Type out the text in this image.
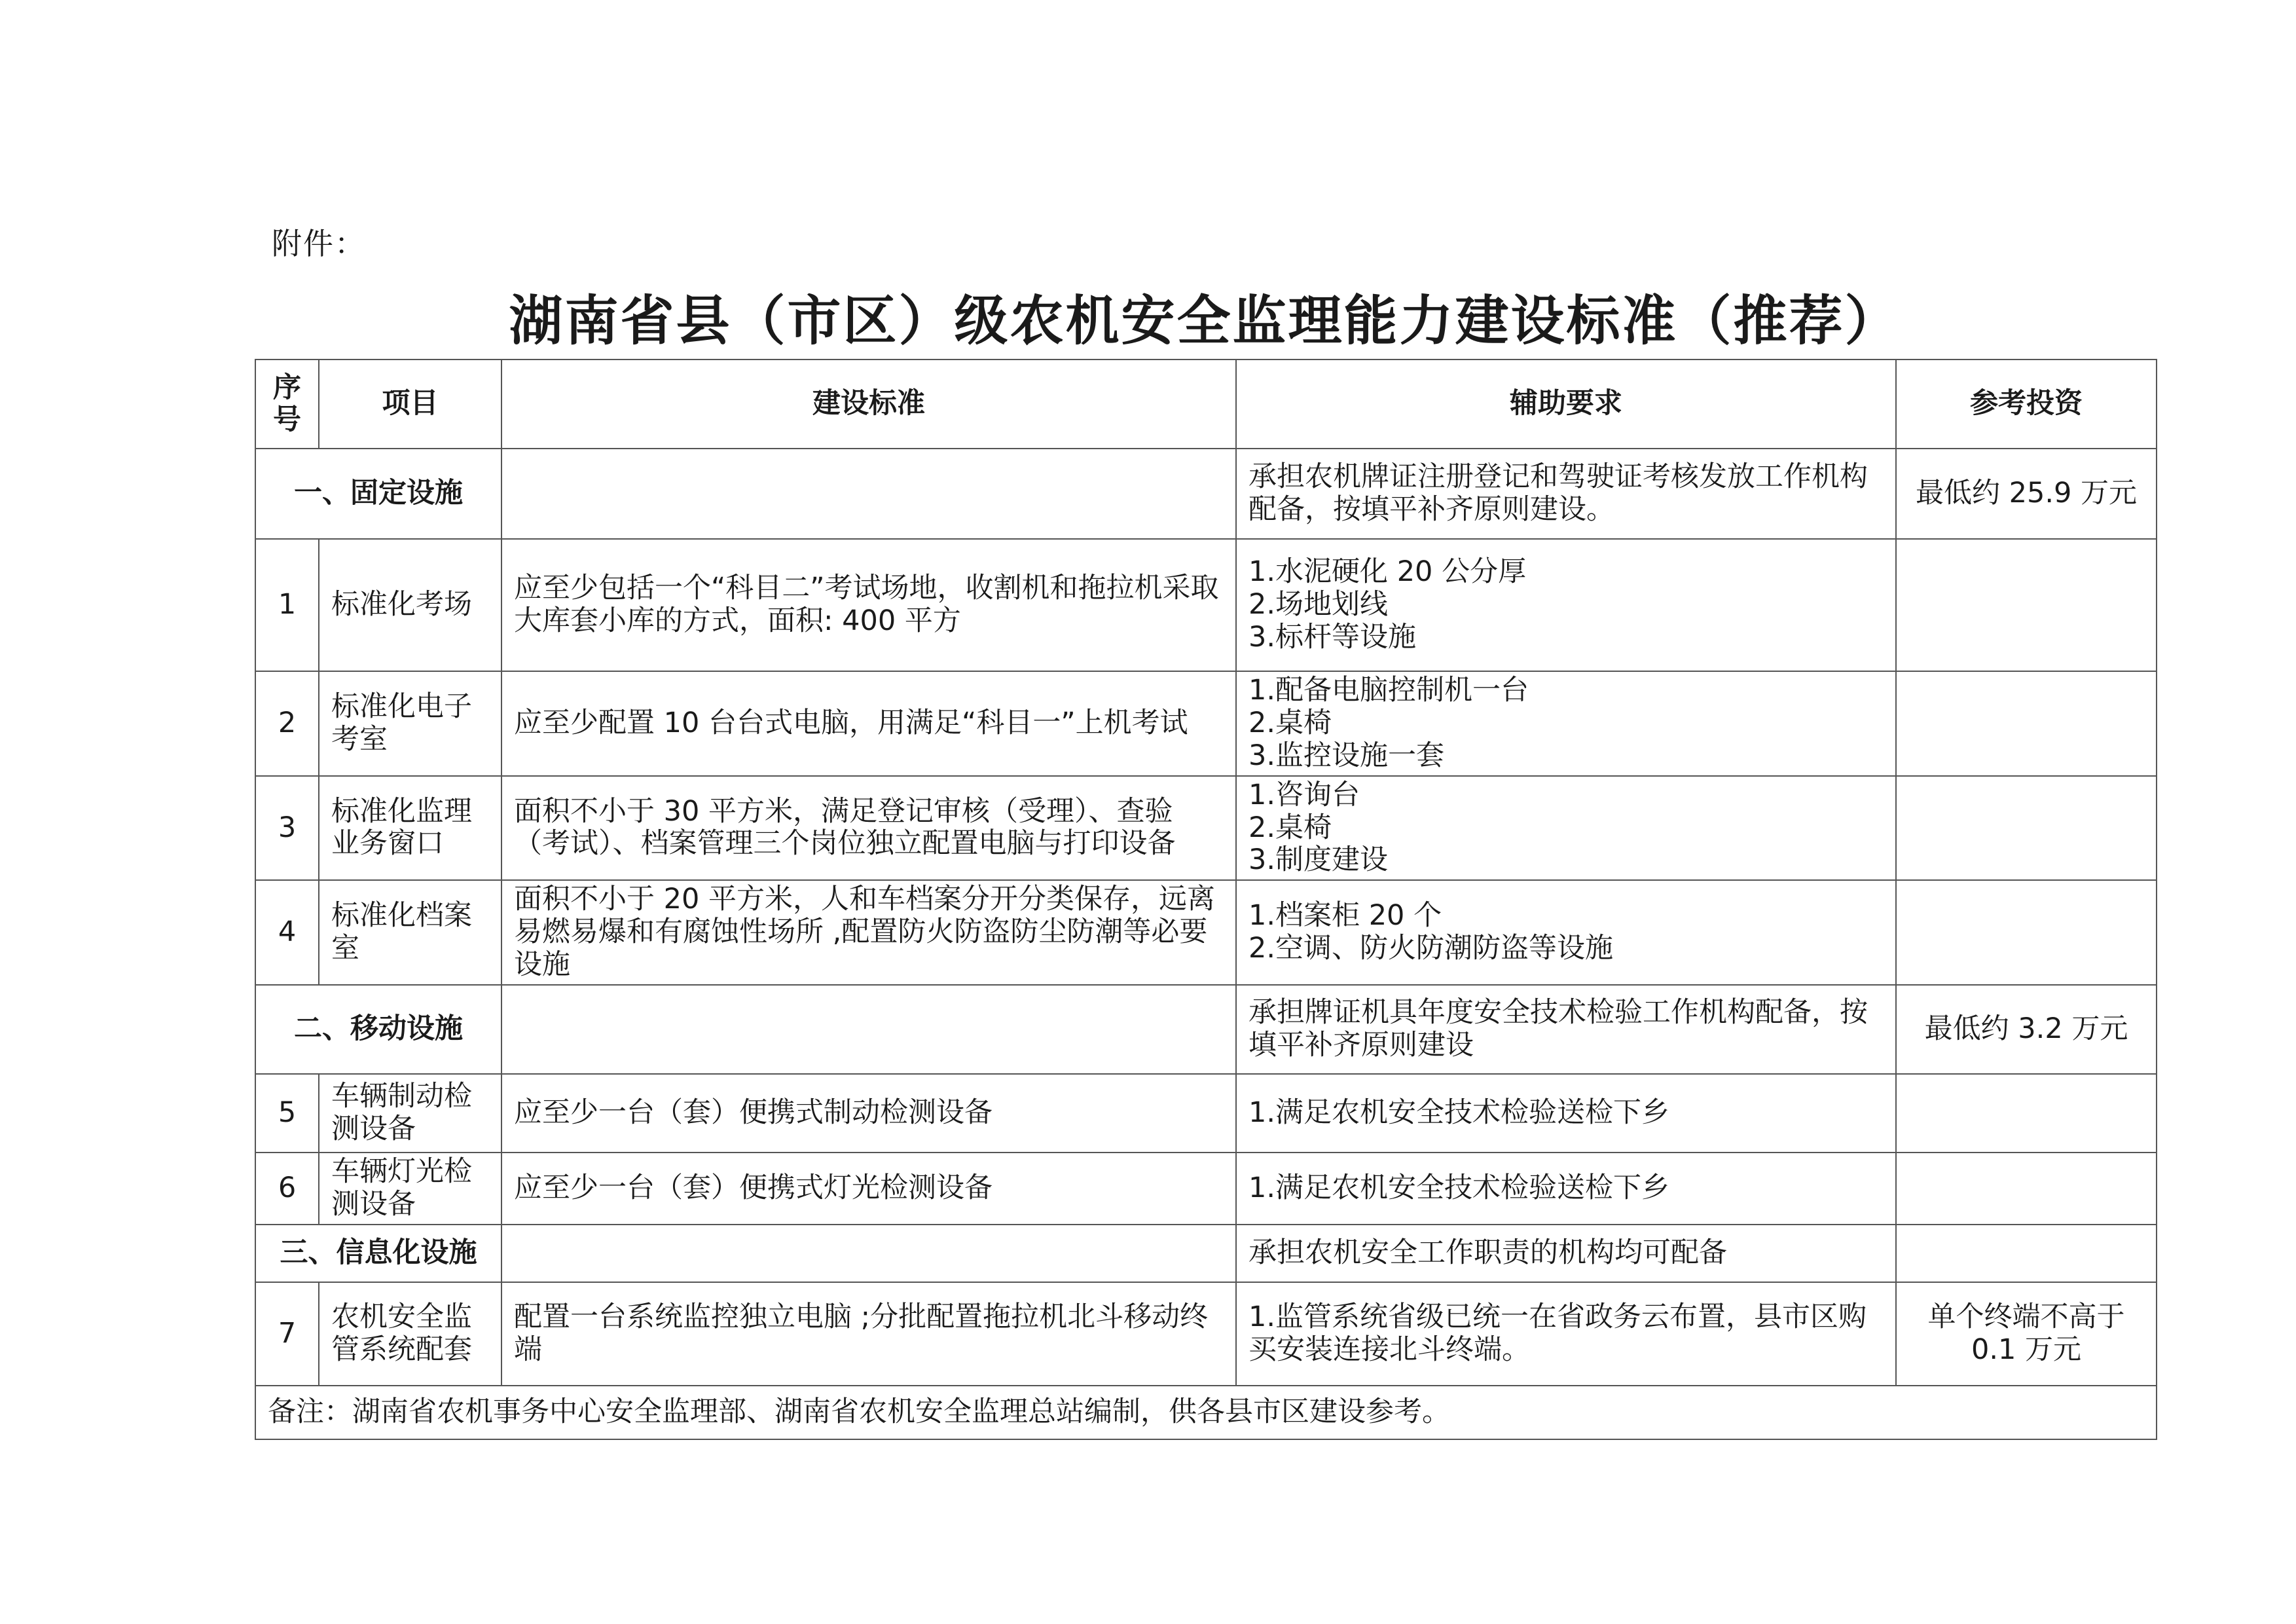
附件：
湖南省县（市区）级农机安全监理能力建设标准（推荐）
序号	项目	建设标准	辅助要求	参考投资
一、固定设施			承担农机牌证注册登记和驾驶证考核发放工作机构配备，按填平补齐原则建设。	最低约 25.9 万元
1	标准化考场	应至少包括一个“科目二”考试场地，收割机和拖拉机采取大库套小库的方式，面积: 400 平方	1.水泥硬化 20 公分厚
2.场地划线
3.标杆等设施	

2	标准化电子考室	应至少配置 10 台台式电脑，用满足“科目一”上机考试	1.配备电脑控制机一台
2.桌椅
3.监控设施一套	

3	标准化监理业务窗口	面积不小于 30 平方米，满足登记审核（受理）、查验（考试）、档案管理三个岗位独立配置电脑与打印设备	1.咨询台
2.桌椅
3.制度建设	

4	标准化档案室	面积不小于 20 平方米，人和车档案分开分类保存，远离易燃易爆和有腐蚀性场所 ,配置防火防盗防尘防潮等必要设施	1.档案柜 20 个
2.空调、防火防潮防盗等设施	

二、移动设施			承担牌证机具年度安全技术检验工作机构配备，按填平补齐原则建设	最低约 3.2 万元
5	车辆制动检测设备	应至少一台（套）便携式制动检测设备	1.满足农机安全技术检验送检下乡	

6	车辆灯光检测设备	应至少一台（套）便携式灯光检测设备	1.满足农机安全技术检验送检下乡	

三、信息化设施			承担农机安全工作职责的机构均可配备	
7	农机安全监管系统配套	配置一台系统监控独立电脑 ;分批配置拖拉机北斗移动终端	1.监管系统省级已统一在省政务云布置，县市区购买安装连接北斗终端。	单个终端不高于 0.1 万元
备注：湖南省农机事务中心安全监理部、湖南省农机安全监理总站编制，供各县市区建设参考。				
